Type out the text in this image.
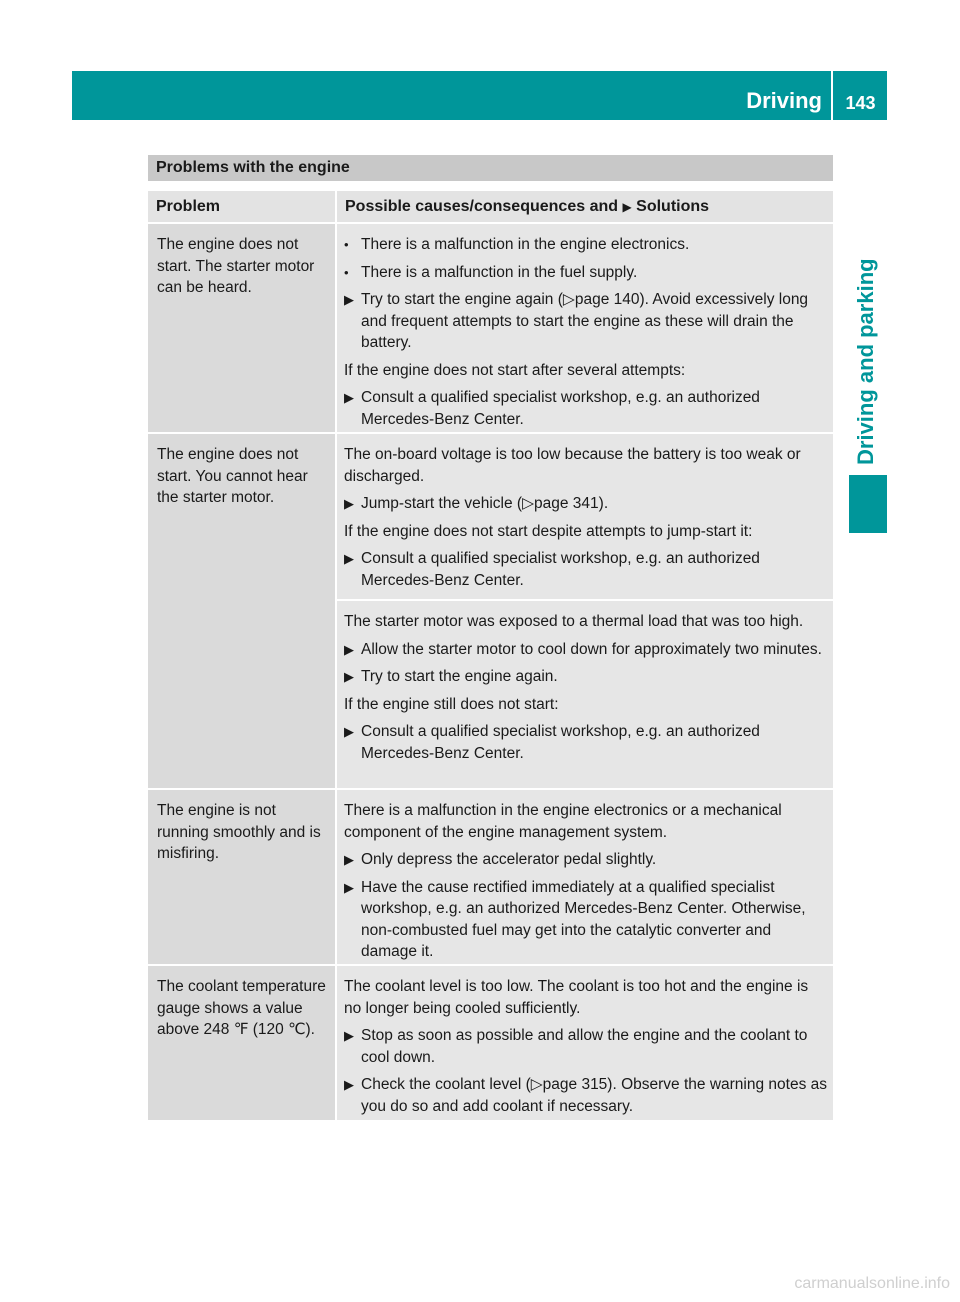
Driving	143
Driving and parking
Problems with the engine
Problem	Possible causes/consequences and ▶ Solutions
The engine does not start. The starter motor can be heard.
• There is a malfunction in the engine electronics.
• There is a malfunction in the fuel supply.
▶ Try to start the engine again (▷page 140). Avoid excessively long and frequent attempts to start the engine as these will drain the battery.
If the engine does not start after several attempts:
▶ Consult a qualified specialist workshop, e.g. an authorized Mercedes-Benz Center.
The engine does not start. You cannot hear the starter motor.
The on-board voltage is too low because the battery is too weak or discharged.
▶ Jump-start the vehicle (▷page 341).
If the engine does not start despite attempts to jump-start it:
▶ Consult a qualified specialist workshop, e.g. an authorized Mercedes-Benz Center.
The starter motor was exposed to a thermal load that was too high.
▶ Allow the starter motor to cool down for approximately two minutes.
▶ Try to start the engine again.
If the engine still does not start:
▶ Consult a qualified specialist workshop, e.g. an authorized Mercedes-Benz Center.
The engine is not running smoothly and is misfiring.
There is a malfunction in the engine electronics or a mechanical component of the engine management system.
▶ Only depress the accelerator pedal slightly.
▶ Have the cause rectified immediately at a qualified specialist workshop, e.g. an authorized Mercedes-Benz Center. Otherwise, non-combusted fuel may get into the catalytic converter and damage it.
The coolant temperature gauge shows a value above 248 ℉ (120 ℃).
The coolant level is too low. The coolant is too hot and the engine is no longer being cooled sufficiently.
▶ Stop as soon as possible and allow the engine and the coolant to cool down.
▶ Check the coolant level (▷page 315). Observe the warning notes as you do so and add coolant if necessary.
carmanualsonline.info
